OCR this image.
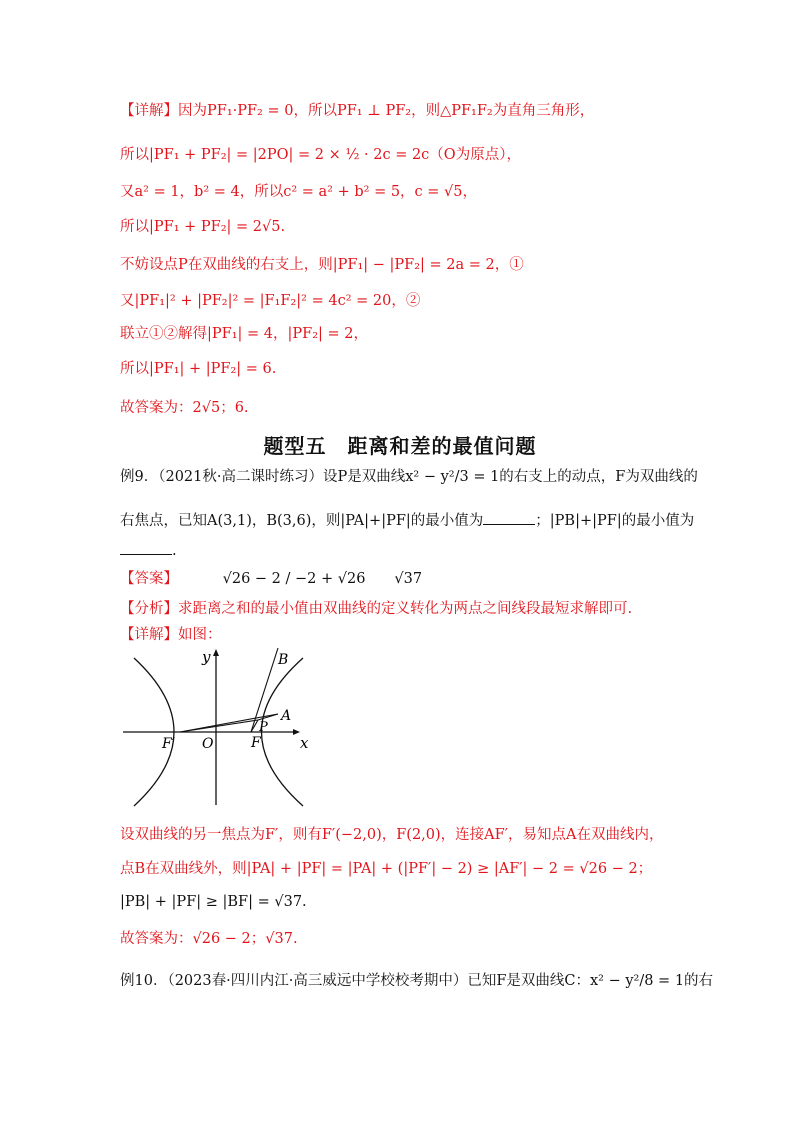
【详解】因为PF₁·PF₂ = 0，所以PF₁ ⊥ PF₂，则△PF₁F₂为直角三角形，
所以|PF₁ + PF₂| = |2PO| = 2 × ½ · 2c = 2c（O为原点），
又a² = 1，b² = 4，所以c² = a² + b² = 5，c = √5，
所以|PF₁ + PF₂| = 2√5.
不妨设点P在双曲线的右支上，则|PF₁| − |PF₂| = 2a = 2，①
又|PF₁|² + |PF₂|² = |F₁F₂|² = 4c² = 20，②
联立①②解得|PF₁| = 4，|PF₂| = 2，
所以|PF₁| + |PF₂| = 6.
故答案为：2√5；6.
题型五　距离和差的最值问题
例9．（2021秋·高二课时练习）设P是双曲线x² − y²/3 = 1的右支上的动点，F为双曲线的
右焦点，已知A(3,1)，B(3,6)，则|PA|+|PF|的最小值为	；|PB|+|PF|的最小值为
.
【答案】	√26 − 2 / −2 + √26　　√37
【分析】求距离之和的最小值由双曲线的定义转化为两点之间线段最短求解即可.
【详解】如图：
y
x
O	F
F′
A
B
P
设双曲线的另一焦点为F′，则有F′(−2,0)，F(2,0)，连接AF′，易知点A在双曲线内，
点B在双曲线外，则|PA| + |PF| = |PA| + (|PF′| − 2) ≥ |AF′| − 2 = √26 − 2；
|PB| + |PF| ≥ |BF| = √37.
故答案为：√26 − 2；√37.
例10．（2023春·四川内江·高三威远中学校校考期中）已知F是双曲线C：x² − y²/8 = 1的右
